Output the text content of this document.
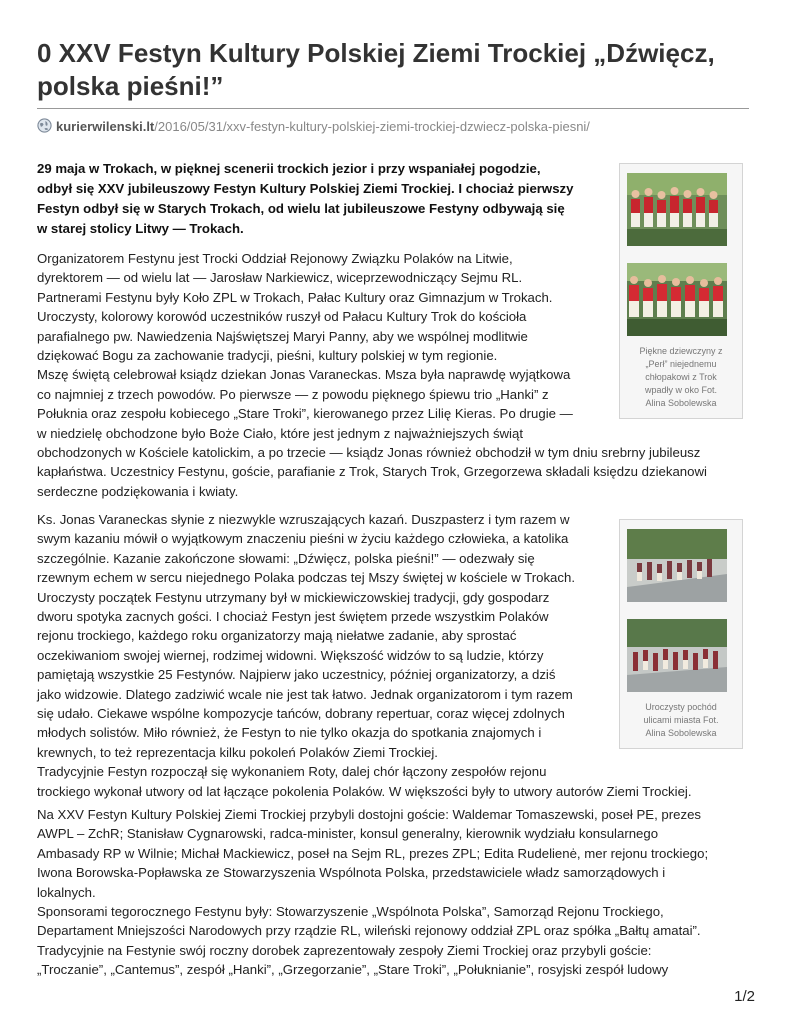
0 XXV Festyn Kultury Polskiej Ziemi Trockiej „Dźwięcz, polska pieśni!”
kurierwilenski.lt/2016/05/31/xxv-festyn-kultury-polskiej-ziemi-trockiej-dzwiecz-polska-piesni/
29 maja w Trokach, w pięknej scenerii trockich jezior i przy wspaniałej pogodzie,
odbył się XXV jubileuszowy Festyn Kultury Polskiej Ziemi Trockiej. I chociaż pierwszy
Festyn odbył się w Starych Trokach, od wielu lat jubileuszowe Festyny odbywają się
w starej stolicy Litwy — Trokach.
Organizatorem Festynu jest Trocki Oddział Rejonowy Związku Polaków na Litwie,
dyrektorem — od wielu lat — Jarosław Narkiewicz, wiceprzewodniczący Sejmu RL.
Partnerami Festynu były Koło ZPL w Trokach, Pałac Kultury oraz Gimnazjum w Trokach.
Uroczysty, kolorowy korowód uczestników ruszył od Pałacu Kultury Trok do kościoła
parafialnego pw. Nawiedzenia Najświętszej Maryi Panny, aby we wspólnej modlitwie
dziękować Bogu za zachowanie tradycji, pieśni, kultury polskiej w tym regionie.
Mszę świętą celebrował ksiądz dziekan Jonas Varaneckas. Msza była naprawdę wyjątkowa
co najmniej z trzech powodów. Po pierwsze — z powodu pięknego śpiewu trio „Hanki” z
Połuknia oraz zespołu kobiecego „Stare Troki”, kierowanego przez Lilię Kieras. Po drugie —
w niedzielę obchodzone było Boże Ciało, które jest jednym z najważniejszych świąt
obchodzonych w Kościele katolickim, a po trzecie — ksiądz Jonas również obchodził w tym dniu srebrny jubileusz
kapłaństwa. Uczestnicy Festynu, goście, parafianie z Trok, Starych Trok, Grzegorzewa składali księdzu dziekanowi
serdeczne podziękowania i kwiaty.
Ks. Jonas Varaneckas słynie z niezwykle wzruszających kazań. Duszpasterz i tym razem w
swym kazaniu mówił o wyjątkowym znaczeniu pieśni w życiu każdego człowieka, a katolika
szczególnie. Kazanie zakończone słowami: „Dźwięcz, polska pieśni!” — odezwały się
rzewnym echem w sercu niejednego Polaka podczas tej Mszy świętej w kościele w Trokach.
Uroczysty początek Festynu utrzymany był w mickiewiczowskiej tradycji, gdy gospodarz
dworu spotyka zacnych gości. I chociaż Festyn jest świętem przede wszystkim Polaków
rejonu trockiego, każdego roku organizatorzy mają niełatwe zadanie, aby sprostać
oczekiwaniom swojej wiernej, rodzimej widowni. Większość widzów to są ludzie, którzy
pamiętają wszystkie 25 Festynów. Najpierw jako uczestnicy, później organizatorzy, a dziś
jako widzowie. Dlatego zadziwić wcale nie jest tak łatwo. Jednak organizatorom i tym razem
się udało. Ciekawe wspólne kompozycje tańców, dobrany repertuar, coraz więcej zdolnych
młodych solistów. Miło również, że Festyn to nie tylko okazja do spotkania znajomych i
krewnych, to też reprezentacja kilku pokoleń Polaków Ziemi Trockiej.
Tradycyjnie Festyn rozpoczął się wykonaniem Roty, dalej chór łączony zespołów rejonu
trockiego wykonał utwory od lat łączące pokolenia Polaków. W większości były to utwory autorów Ziemi Trockiej.
Na XXV Festyn Kultury Polskiej Ziemi Trockiej przybyli dostojni goście: Waldemar Tomaszewski, poseł PE, prezes
AWPL – ZchR; Stanisław Cygnarowski, radca-minister, konsul generalny, kierownik wydziału konsularnego
Ambasady RP w Wilnie; Michał Mackiewicz, poseł na Sejm RL, prezes ZPL; Edita Rudelienė, mer rejonu trockiego;
Iwona Borowska-Popławska ze Stowarzyszenia Wspólnota Polska, przedstawiciele władz samorządowych i
lokalnych.
Sponsorami tegorocznego Festynu były: Stowarzyszenie „Wspólnota Polska”, Samorząd Rejonu Trockiego,
Departament Mniejszości Narodowych przy rządzie RL, wileński rejonowy oddział ZPL oraz spółka „Bałtų amatai”.
Tradycyjnie na Festynie swój roczny dorobek zaprezentowały zespoły Ziemi Trockiej oraz przybyli goście:
„Troczanie”, „Cantemus”, zespół „Hanki”, „Grzegorzanie”, „Stare Troki”, „Połuknianie”, rosyjski zespół ludowy
Piękne dziewczyny z
„Perł” niejednemu
chłopakowi z Trok
wpadły w oko Fot.
Alina Sobolewska
Uroczysty pochód
ulicami miasta Fot.
Alina Sobolewska
1/2
